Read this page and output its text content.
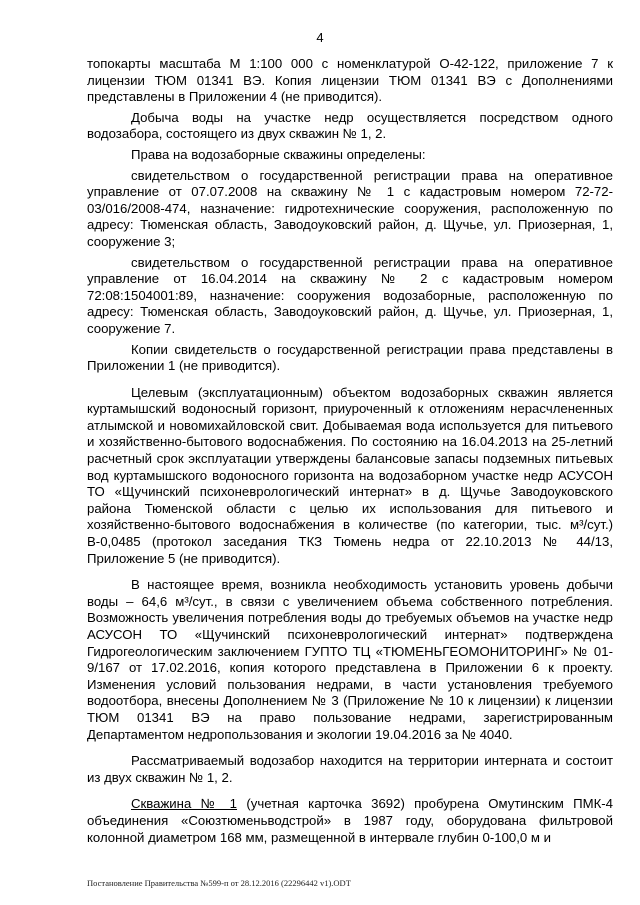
4

топокарты масштаба М 1:100 000 с номенклатурой О-42-122, приложение 7 к лицензии ТЮМ 01341 ВЭ. Копия лицензии ТЮМ 01341 ВЭ с Дополнениями представлены в Приложении 4 (не приводится).

Добыча воды на участке недр осуществляется посредством одного водозабора, состоящего из двух скважин № 1, 2.

Права на водозаборные скважины определены:

свидетельством о государственной регистрации права на оперативное управление от 07.07.2008 на скважину № 1 с кадастровым номером 72-72-03/016/2008-474, назначение: гидротехнические сооружения, расположенную по адресу: Тюменская область, Заводоуковский район, д. Щучье, ул. Приозерная, 1, сооружение 3;

свидетельством о государственной регистрации права на оперативное управление от 16.04.2014 на скважину № 2 с кадастровым номером 72:08:1504001:89, назначение: сооружения водозаборные, расположенную по адресу: Тюменская область, Заводоуковский район, д. Щучье, ул. Приозерная, 1, сооружение 7.

Копии свидетельств о государственной регистрации права представлены в Приложении 1 (не приводится).

Целевым (эксплуатационным) объектом водозаборных скважин является куртамышский водоносный горизонт, приуроченный к отложениям нерасчлененных атлымской и новомихайловской свит. Добываемая вода используется для питьевого и хозяйственно-бытового водоснабжения. По состоянию на 16.04.2013 на 25-летний расчетный срок эксплуатации утверждены балансовые запасы подземных питьевых вод куртамышского водоносного горизонта на водозаборном участке недр АСУСОН ТО «Щучинский психоневрологический интернат» в д. Щучье Заводоуковского района Тюменской области с целью их использования для питьевого и хозяйственно-бытового водоснабжения в количестве (по категории, тыс. м³/сут.) В-0,0485 (протокол заседания ТКЗ Тюмень недра от 22.10.2013 № 44/13, Приложение 5 (не приводится).

В настоящее время, возникла необходимость установить уровень добычи воды – 64,6 м³/сут., в связи с увеличением объема собственного потребления. Возможность увеличения потребления воды до требуемых объемов на участке недр АСУСОН ТО «Щучинский психоневрологический интернат» подтверждена Гидрогеологическим заключением ГУПТО ТЦ «ТЮМЕНЬГЕОМОНИТОРИНГ» № 01-9/167 от 17.02.2016, копия которого представлена в Приложении 6 к проекту. Изменения условий пользования недрами, в части установления требуемого водоотбора, внесены Дополнением № 3 (Приложение № 10 к лицензии) к лицензии ТЮМ 01341 ВЭ на право пользование недрами, зарегистрированным Департаментом недропользования и экологии 19.04.2016 за № 4040.

Рассматриваемый водозабор находится на территории интерната и состоит из двух скважин № 1, 2.

Скважина № 1 (учетная карточка 3692) пробурена Омутинским ПМК-4 объединения «Союзтюменьводстрой» в 1987 году, оборудована фильтровой колонной диаметром 168 мм, размещенной в интервале глубин 0-100,0 м и

Постановление Правительства №599-п от 28.12.2016 (22296442 v1).ODT
